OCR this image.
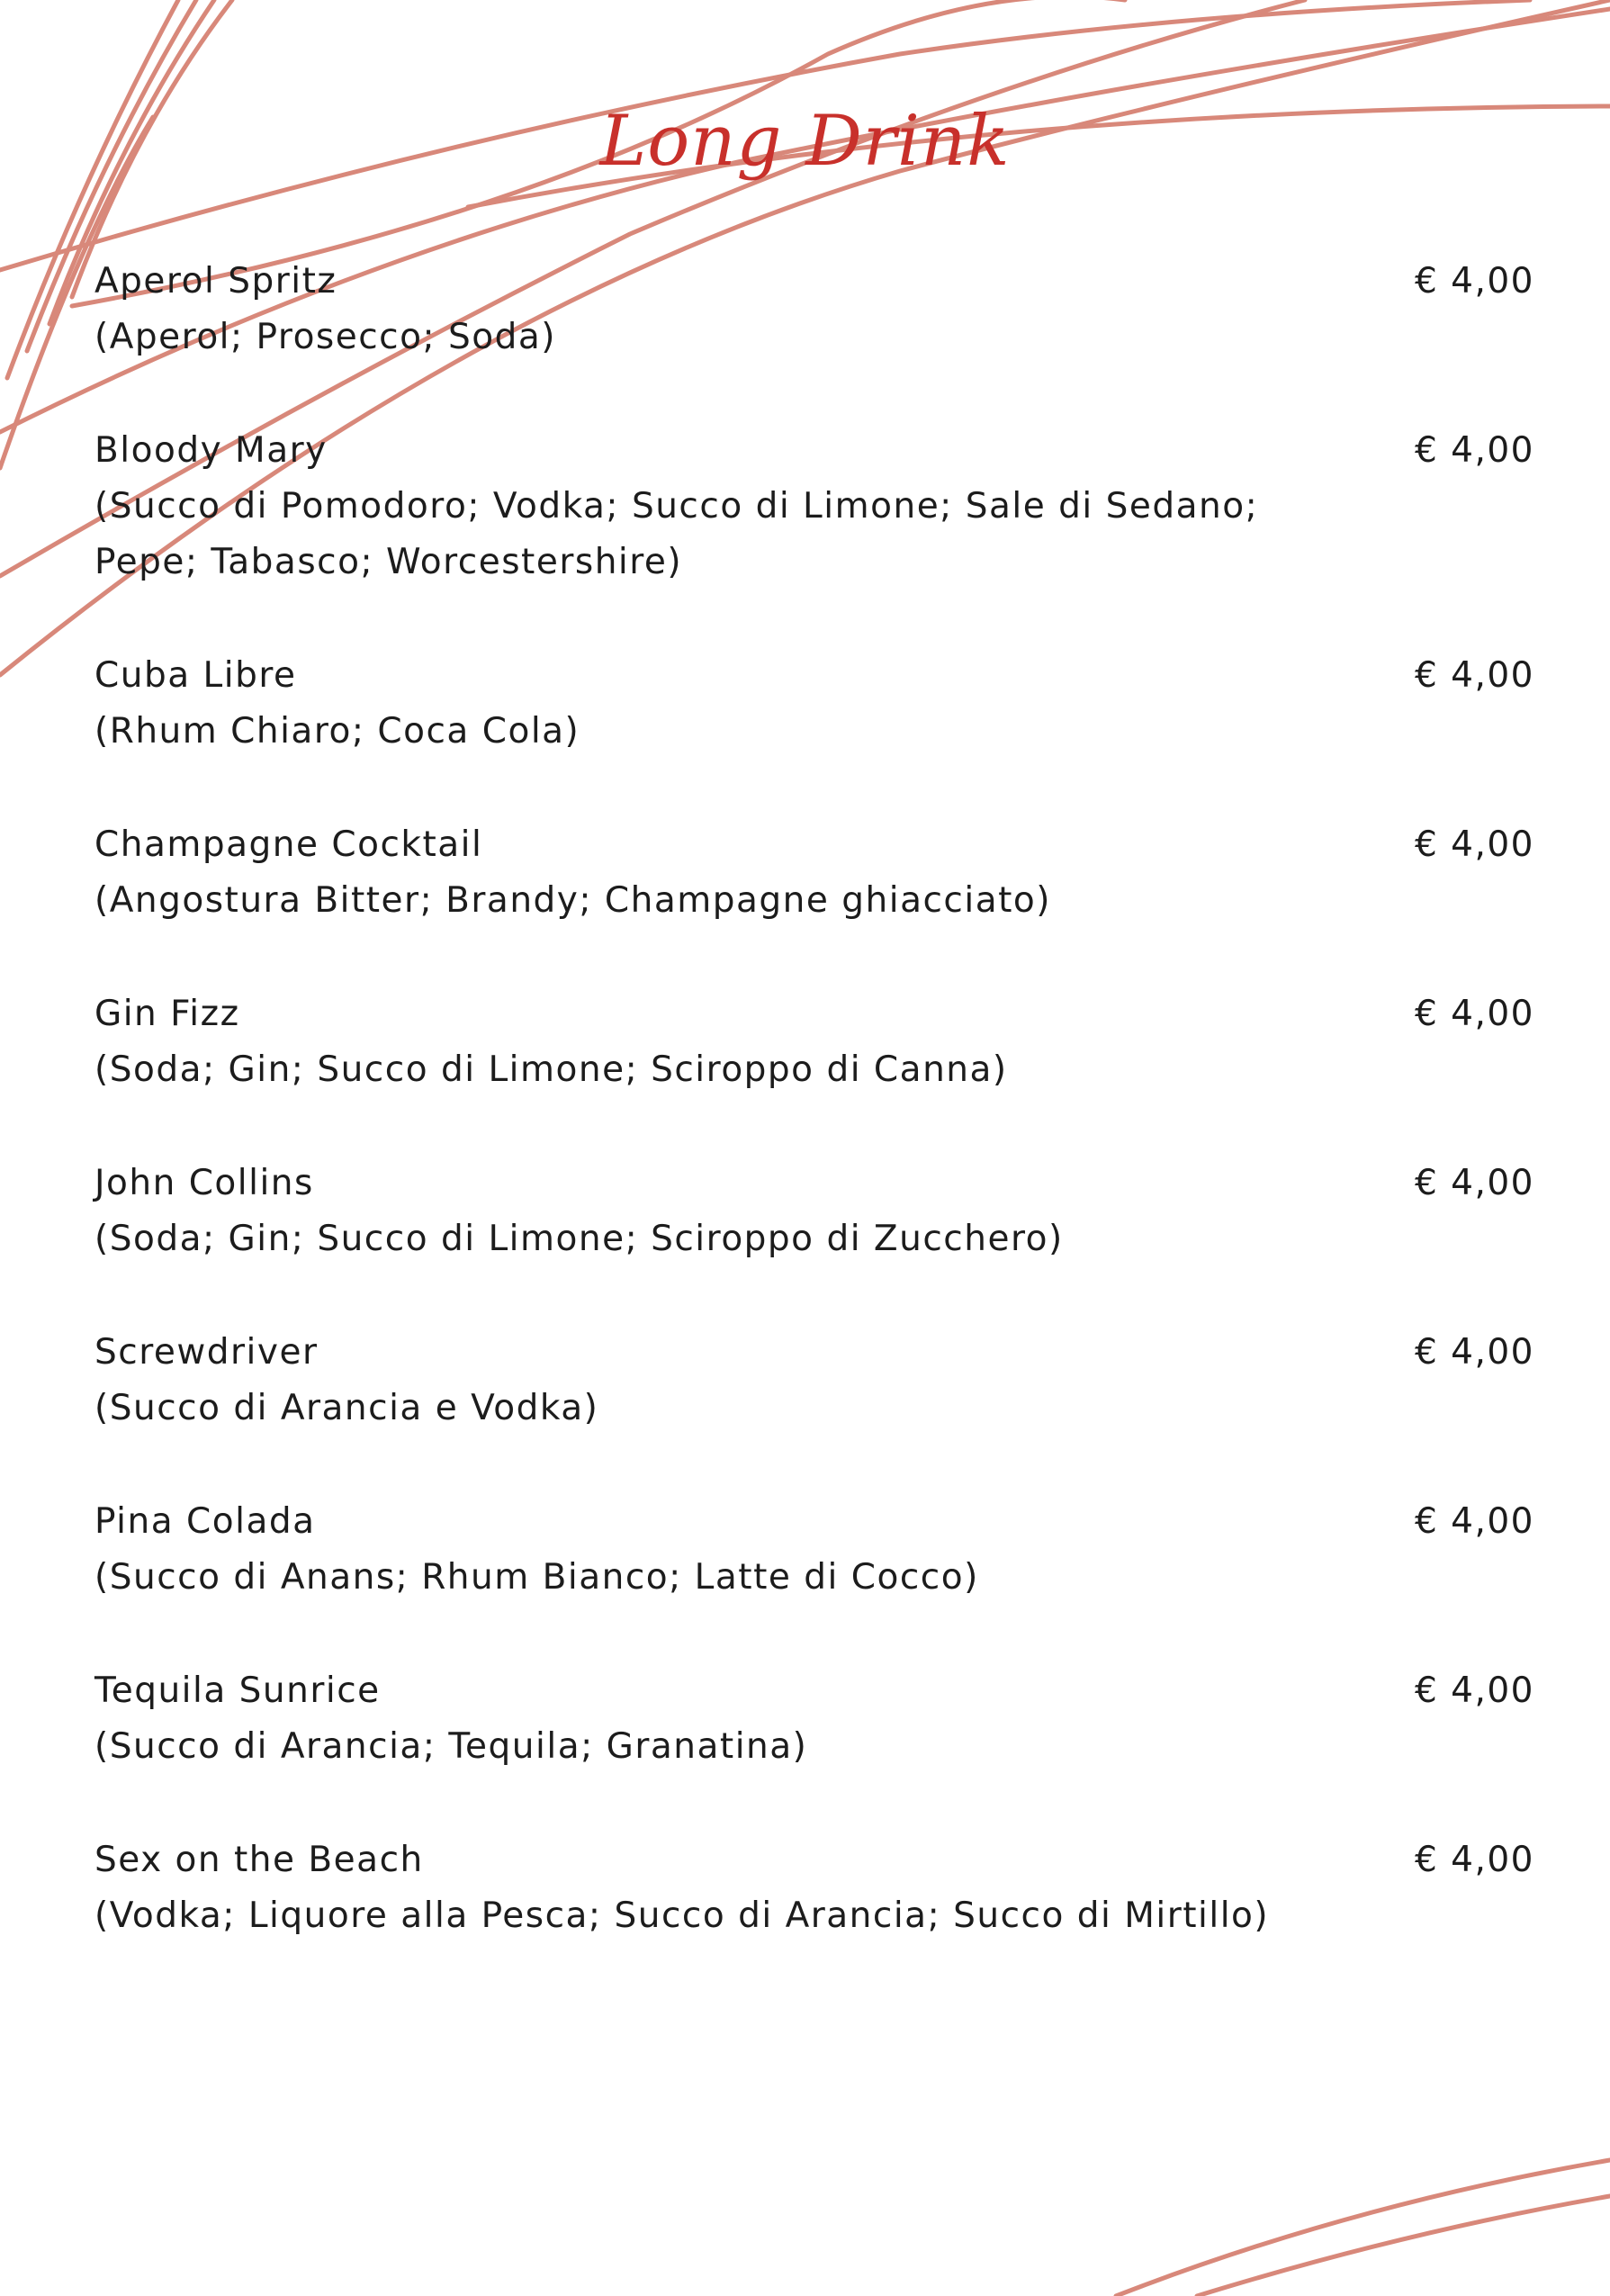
Long Drink
Aperol Spritz
(Aperol; Prosecco; Soda)
€ 4,00
Bloody Mary
(Succo di Pomodoro; Vodka; Succo di Limone; Sale di Sedano; Pepe; Tabasco; Worcestershire)
€ 4,00
Cuba Libre
(Rhum Chiaro; Coca Cola)
€ 4,00
Champagne Cocktail
(Angostura Bitter; Brandy; Champagne ghiacciato)
€ 4,00
Gin Fizz
(Soda; Gin; Succo di Limone; Sciroppo di Canna)
€ 4,00
John Collins
(Soda; Gin; Succo di Limone; Sciroppo di Zucchero)
€ 4,00
Screwdriver
(Succo di Arancia e Vodka)
€ 4,00
Pina Colada
(Succo di Anans; Rhum Bianco; Latte di Cocco)
€ 4,00
Tequila Sunrice
(Succo di Arancia; Tequila; Granatina)
€ 4,00
Sex on the Beach
(Vodka; Liquore alla Pesca; Succo di Arancia; Succo di Mirtillo)
€ 4,00
